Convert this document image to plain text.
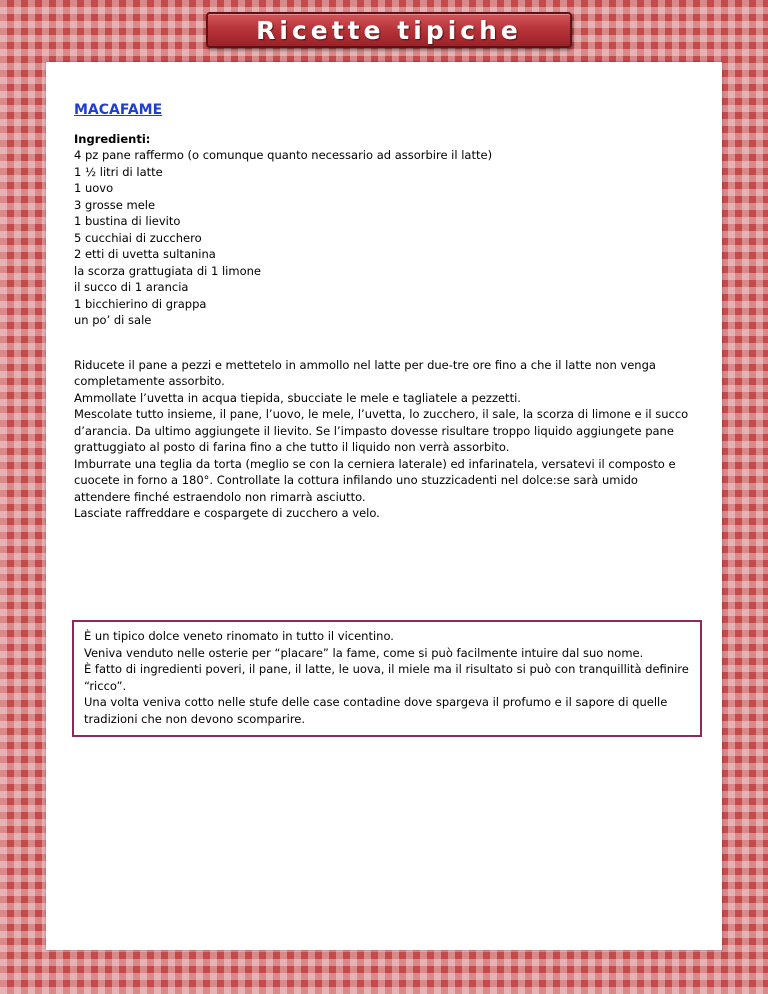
Ricette tipiche
MACAFAME
Ingredienti:
4 pz pane raffermo (o comunque quanto necessario ad assorbire il latte)
1 ½ litri di latte
1 uovo
3 grosse mele
1 bustina di lievito
5 cucchiai di zucchero
2 etti di uvetta sultanina
la scorza grattugiata di 1 limone
il succo di 1 arancia
1 bicchierino di grappa
un po’ di sale
Riducete il pane a pezzi e mettetelo in ammollo nel latte per due-tre ore fino a che il latte non venga completamente assorbito.
Ammollate l’uvetta in acqua tiepida, sbucciate le mele e tagliatele a pezzetti.
Mescolate tutto insieme, il pane, l’uovo, le mele, l’uvetta, lo zucchero, il sale, la scorza di limone e il succo d’arancia. Da ultimo aggiungete il lievito. Se l’impasto dovesse risultare troppo liquido aggiungete pane grattuggiato al posto di farina fino a che tutto il liquido non verrà assorbito.
Imburrate una teglia da torta (meglio se con la cerniera laterale) ed infarinatela, versatevi il composto e cuocete in forno a 180°. Controllate la cottura infilando uno stuzzicadenti nel dolce:se sarà umido attendere finché estraendolo non rimarrà asciutto.
Lasciate raffreddare e cospargete di zucchero a velo.
È un tipico dolce veneto rinomato in tutto il vicentino.
Veniva venduto nelle osterie per “placare” la fame, come si può facilmente intuire dal suo nome.
È fatto di ingredienti poveri, il pane, il latte, le uova, il miele ma il risultato si può con tranquillità definire “ricco”.
Una volta veniva cotto nelle stufe delle case contadine dove spargeva il profumo e il sapore di quelle tradizioni che non devono scomparire.
